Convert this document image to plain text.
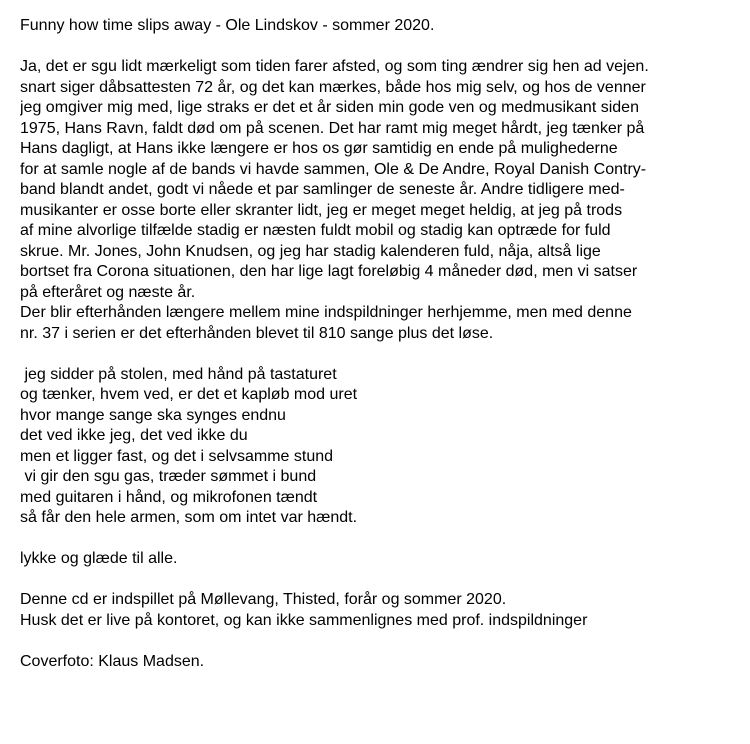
Funny how time slips away - Ole Lindskov - sommer 2020.
Ja, det er sgu lidt mærkeligt som tiden farer afsted, og som ting ændrer sig hen ad vejen.
snart siger dåbsattesten 72 år, og det kan mærkes, både hos mig selv, og hos de venner
jeg omgiver mig med, lige straks er det et år siden min gode ven og medmusikant siden
1975, Hans Ravn, faldt død om på scenen. Det har ramt mig meget hårdt, jeg tænker på
Hans dagligt, at Hans ikke længere er hos os gør samtidig en ende på mulighederne
for at samle nogle af de bands vi havde sammen, Ole & De Andre, Royal Danish Contry-
band blandt andet, godt vi nåede et par samlinger de seneste år. Andre tidligere med-
musikanter er osse borte eller skranter lidt, jeg er meget meget heldig, at jeg på trods
af mine alvorlige tilfælde stadig er næsten fuldt mobil og stadig kan optræde for fuld
skrue. Mr. Jones, John Knudsen, og jeg har stadig kalenderen fuld, nåja, altså lige
bortset fra Corona situationen, den har lige lagt foreløbig 4 måneder død, men vi satser
på efteråret og næste år.
Der blir efterhånden længere mellem mine indspildninger herhjemme, men med denne
nr. 37 i serien er det efterhånden blevet til 810 sange plus det løse.
jeg sidder på stolen, med hånd på tastaturet
og tænker, hvem ved, er det et kapløb mod uret
hvor mange sange ska synges endnu
det ved ikke jeg, det ved ikke du
men et ligger fast, og det i selvsamme stund
vi gir den sgu gas, træder sømmet i bund
med guitaren i hånd, og mikrofonen tændt
så får den hele armen, som om intet var hændt.
lykke og glæde til alle.
Denne cd er indspillet på Møllevang, Thisted, forår og sommer 2020.
Husk det er live på kontoret, og kan ikke sammenlignes med prof. indspildninger
Coverfoto: Klaus Madsen.
